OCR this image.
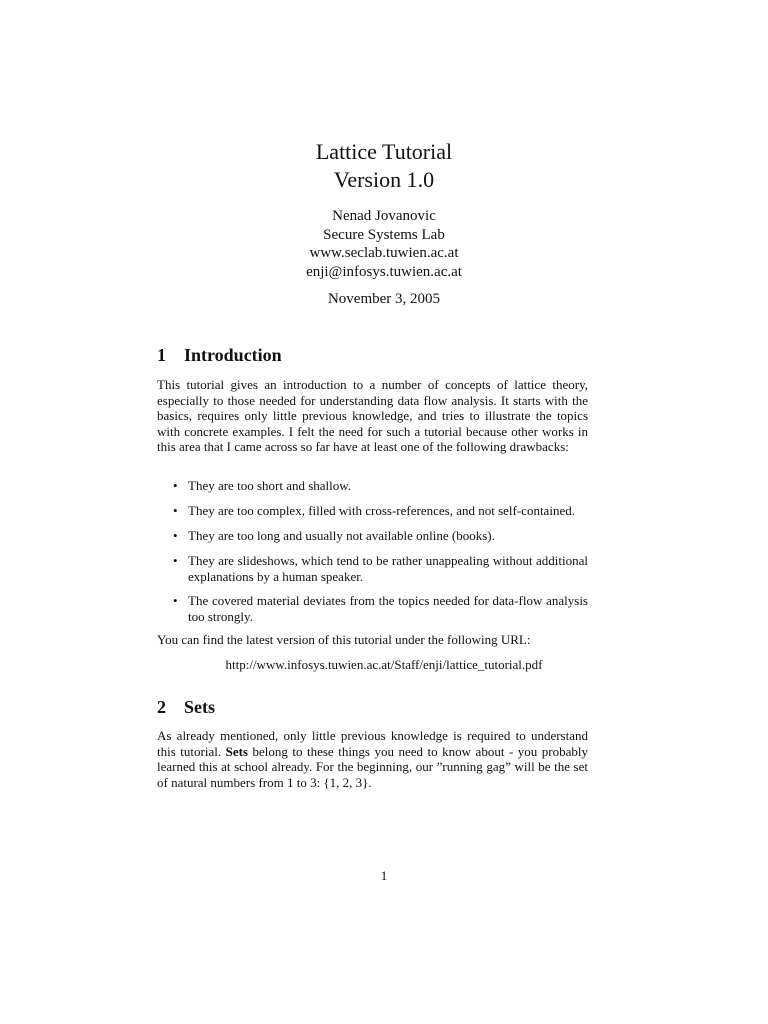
Lattice Tutorial

Version 1.0

Nenad Jovanovic

Secure Systems Lab

www.seclab.tuwien.ac.at

enji@infosys.tuwien.ac.at

November 3, 2005

1 Introduction

This tutorial gives an introduction to a number of concepts of lattice theory, especially to those needed for understanding data flow analysis. It starts with the basics, requires only little previous knowledge, and tries to illustrate the topics with concrete examples. I felt the need for such a tutorial because other works in this area that I came across so far have at least one of the following drawbacks:

• They are too short and shallow.

• They are too complex, filled with cross-references, and not self-contained.

• They are too long and usually not available online (books).

• They are slideshows, which tend to be rather unappealing without additional explanations by a human speaker.

• The covered material deviates from the topics needed for data-flow analysis too strongly.

You can find the latest version of this tutorial under the following URL:

http://www.infosys.tuwien.ac.at/Staff/enji/lattice_tutorial.pdf

2 Sets

As already mentioned, only little previous knowledge is required to understand this tutorial. Sets belong to these things you need to know about - you probably learned this at school already. For the beginning, our ”running gag” will be the set of natural numbers from 1 to 3: {1, 2, 3}.

1
